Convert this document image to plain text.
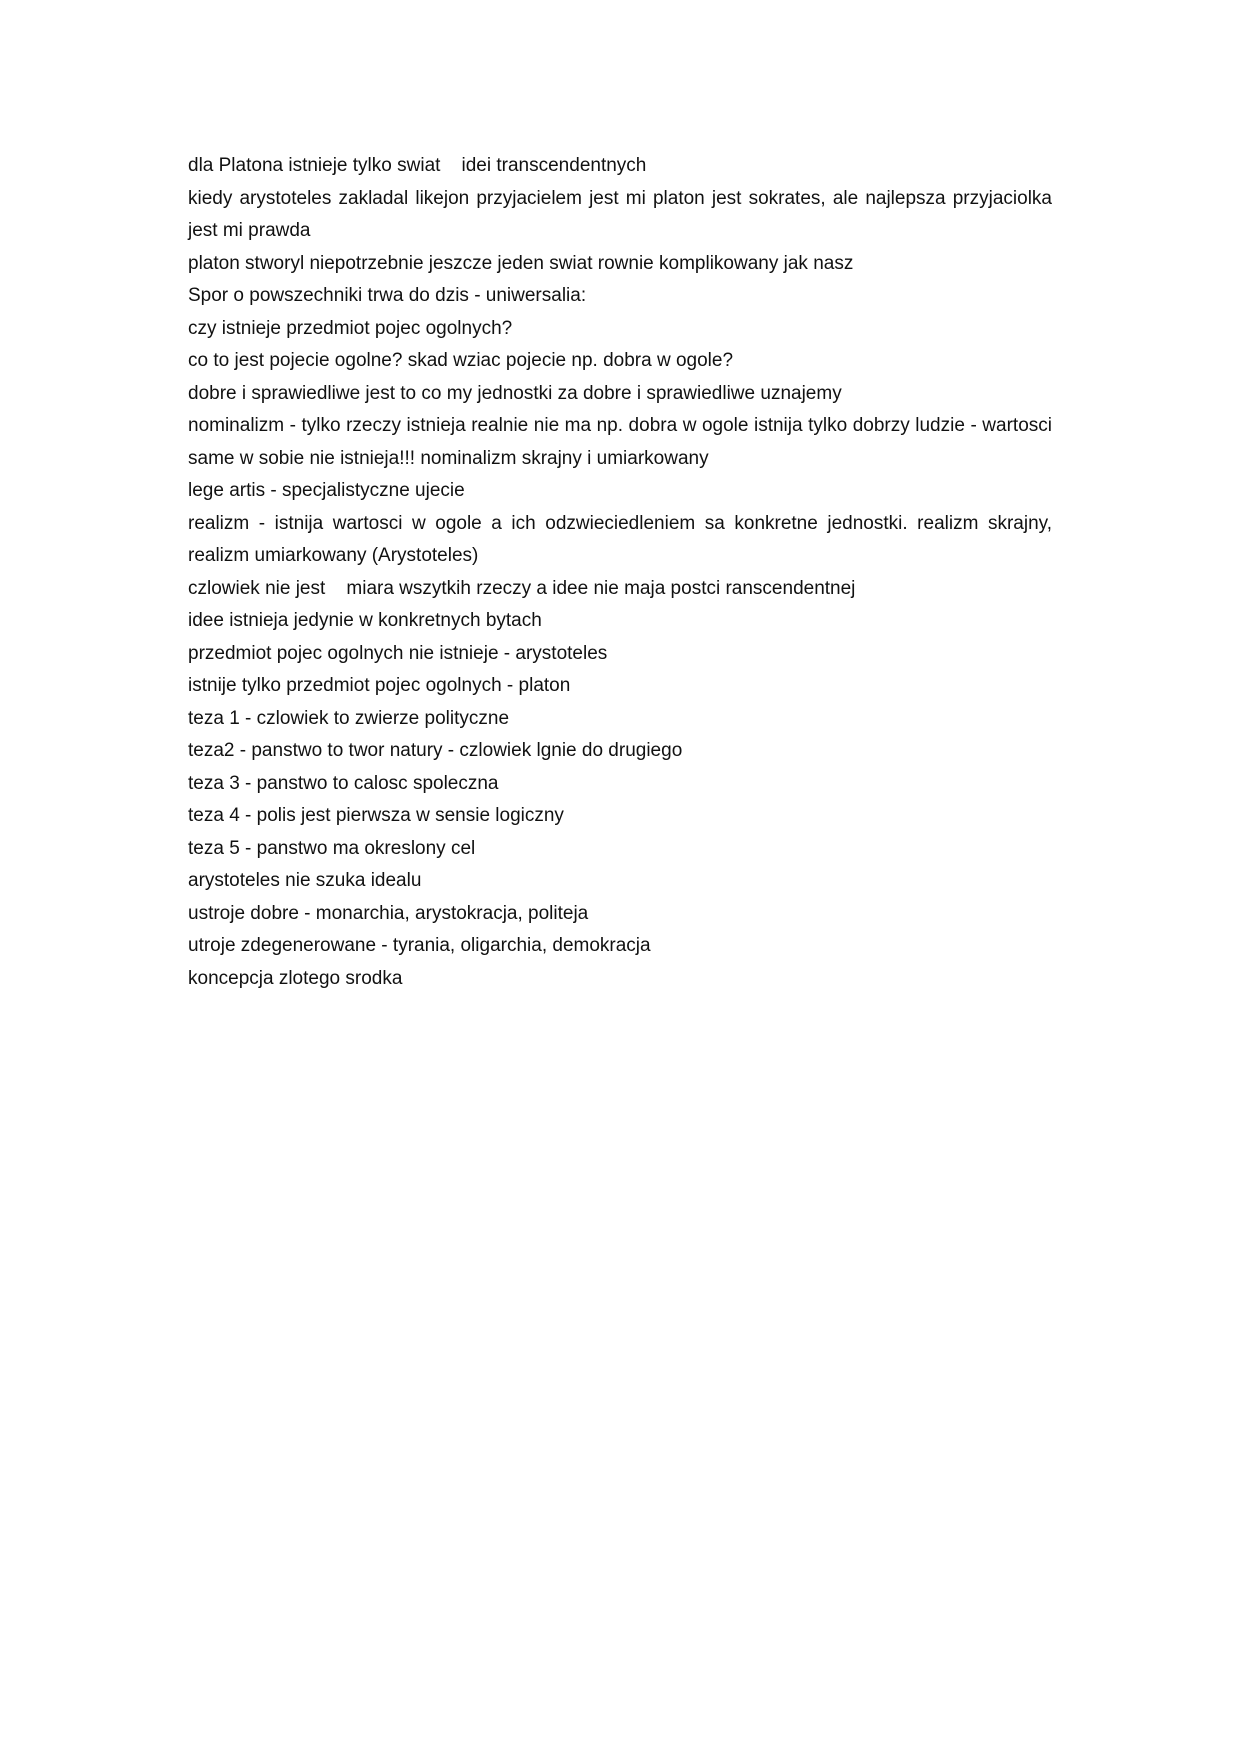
dla Platona istnieje tylko swiat    idei transcendentnych

kiedy arystoteles zakladal likejon przyjacielem jest mi platon jest sokrates, ale najlepsza przyjaciolka jest mi prawda

platon stworyl niepotrzebnie jeszcze jeden swiat rownie komplikowany jak nasz

Spor o powszechniki trwa do dzis - uniwersalia:

czy istnieje przedmiot pojec ogolnych?

co to jest pojecie ogolne? skad wziac pojecie np. dobra w ogole?

dobre i sprawiedliwe jest to co my jednostki za dobre i sprawiedliwe uznajemy

nominalizm - tylko rzeczy istnieja realnie nie ma np. dobra w ogole istnija tylko dobrzy ludzie - wartosci same w sobie nie istnieja!!! nominalizm skrajny i umiarkowany

lege artis - specjalistyczne ujecie

realizm - istnija wartosci w ogole a ich odzwieciedleniem sa konkretne jednostki. realizm skrajny, realizm umiarkowany (Arystoteles)

czlowiek nie jest    miara wszytkih rzeczy a idee nie maja postci ranscendentnej

idee istnieja jedynie w konkretnych bytach

przedmiot pojec ogolnych nie istnieje - arystoteles

istnije tylko przedmiot pojec ogolnych - platon

teza 1 - czlowiek to zwierze polityczne

teza2 - panstwo to twor natury - czlowiek lgnie do drugiego

teza 3 - panstwo to calosc spoleczna

teza 4 - polis jest pierwsza w sensie logiczny

teza 5 - panstwo ma okreslony cel

arystoteles nie szuka idealu

ustroje dobre - monarchia, arystokracja, politeja

utroje zdegenerowane - tyrania, oligarchia, demokracja

koncepcja zlotego srodka
